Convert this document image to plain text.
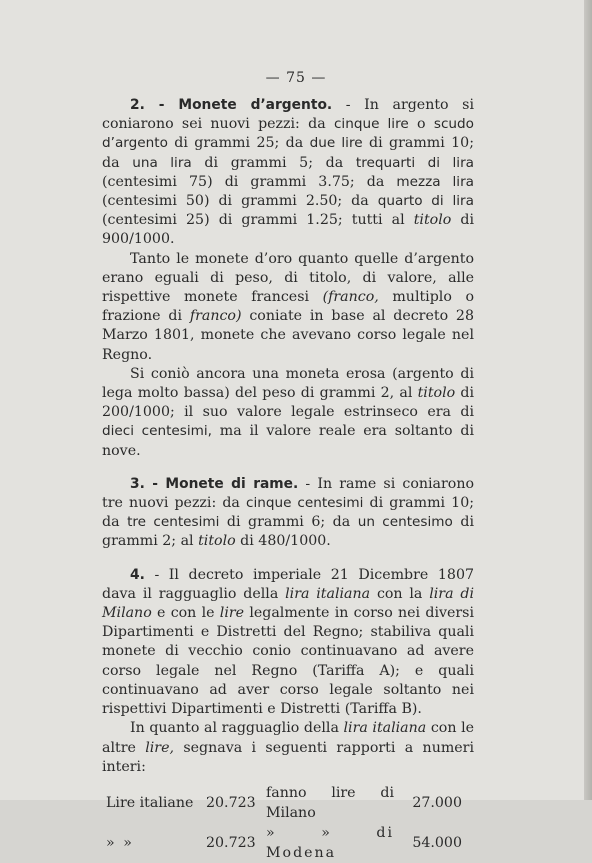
— 75 —

2. - Monete d’argento. - In argento si coniarono sei nuovi pezzi: da cinque lire o scudo d’argento di grammi 25; da due lire di grammi 10; da una lira di grammi 5; da trequarti di lira (centesimi 75) di grammi 3.75; da mezza lira (centesimi 50) di grammi 2.50; da quarto di lira (centesimi 25) di grammi 1.25; tutti al titolo di 900/1000.

Tanto le monete d’oro quanto quelle d’argento erano eguali di peso, di titolo, di valore, alle rispettive monete francesi (franco, multiplo o frazione di franco) coniate in base al decreto 28 Marzo 1801, monete che avevano corso legale nel Regno.

Si coniò ancora una moneta erosa (argento di lega molto bassa) del peso di grammi 2, al titolo di 200/1000; il suo valore legale estrinseco era di dieci centesimi, ma il valore reale era soltanto di nove.

3. - Monete di rame. - In rame si coniarono tre nuovi pezzi: da cinque centesimi di grammi 10; da tre centesimi di grammi 6; da un centesimo di grammi 2; al titolo di 480/1000.

4. - Il decreto imperiale 21 Dicembre 1807 dava il ragguaglio della lira italiana con la lira di Milano e con le lire legalmente in corso nei diversi Dipartimenti e Distretti del Regno; stabiliva quali monete di vecchio conio continuavano ad avere corso legale nel Regno (Tariffa A); e quali continuavano ad aver corso legale soltanto nei rispettivi Dipartimenti e Distretti (Tariffa B).

In quanto al ragguaglio della lira italiana con le altre lire, segnava i seguenti rapporti a numeri interi:

Lire italiane	20.723	fanno lire di Milano	27.000
» »	20.723	» » di Modena	54.000
